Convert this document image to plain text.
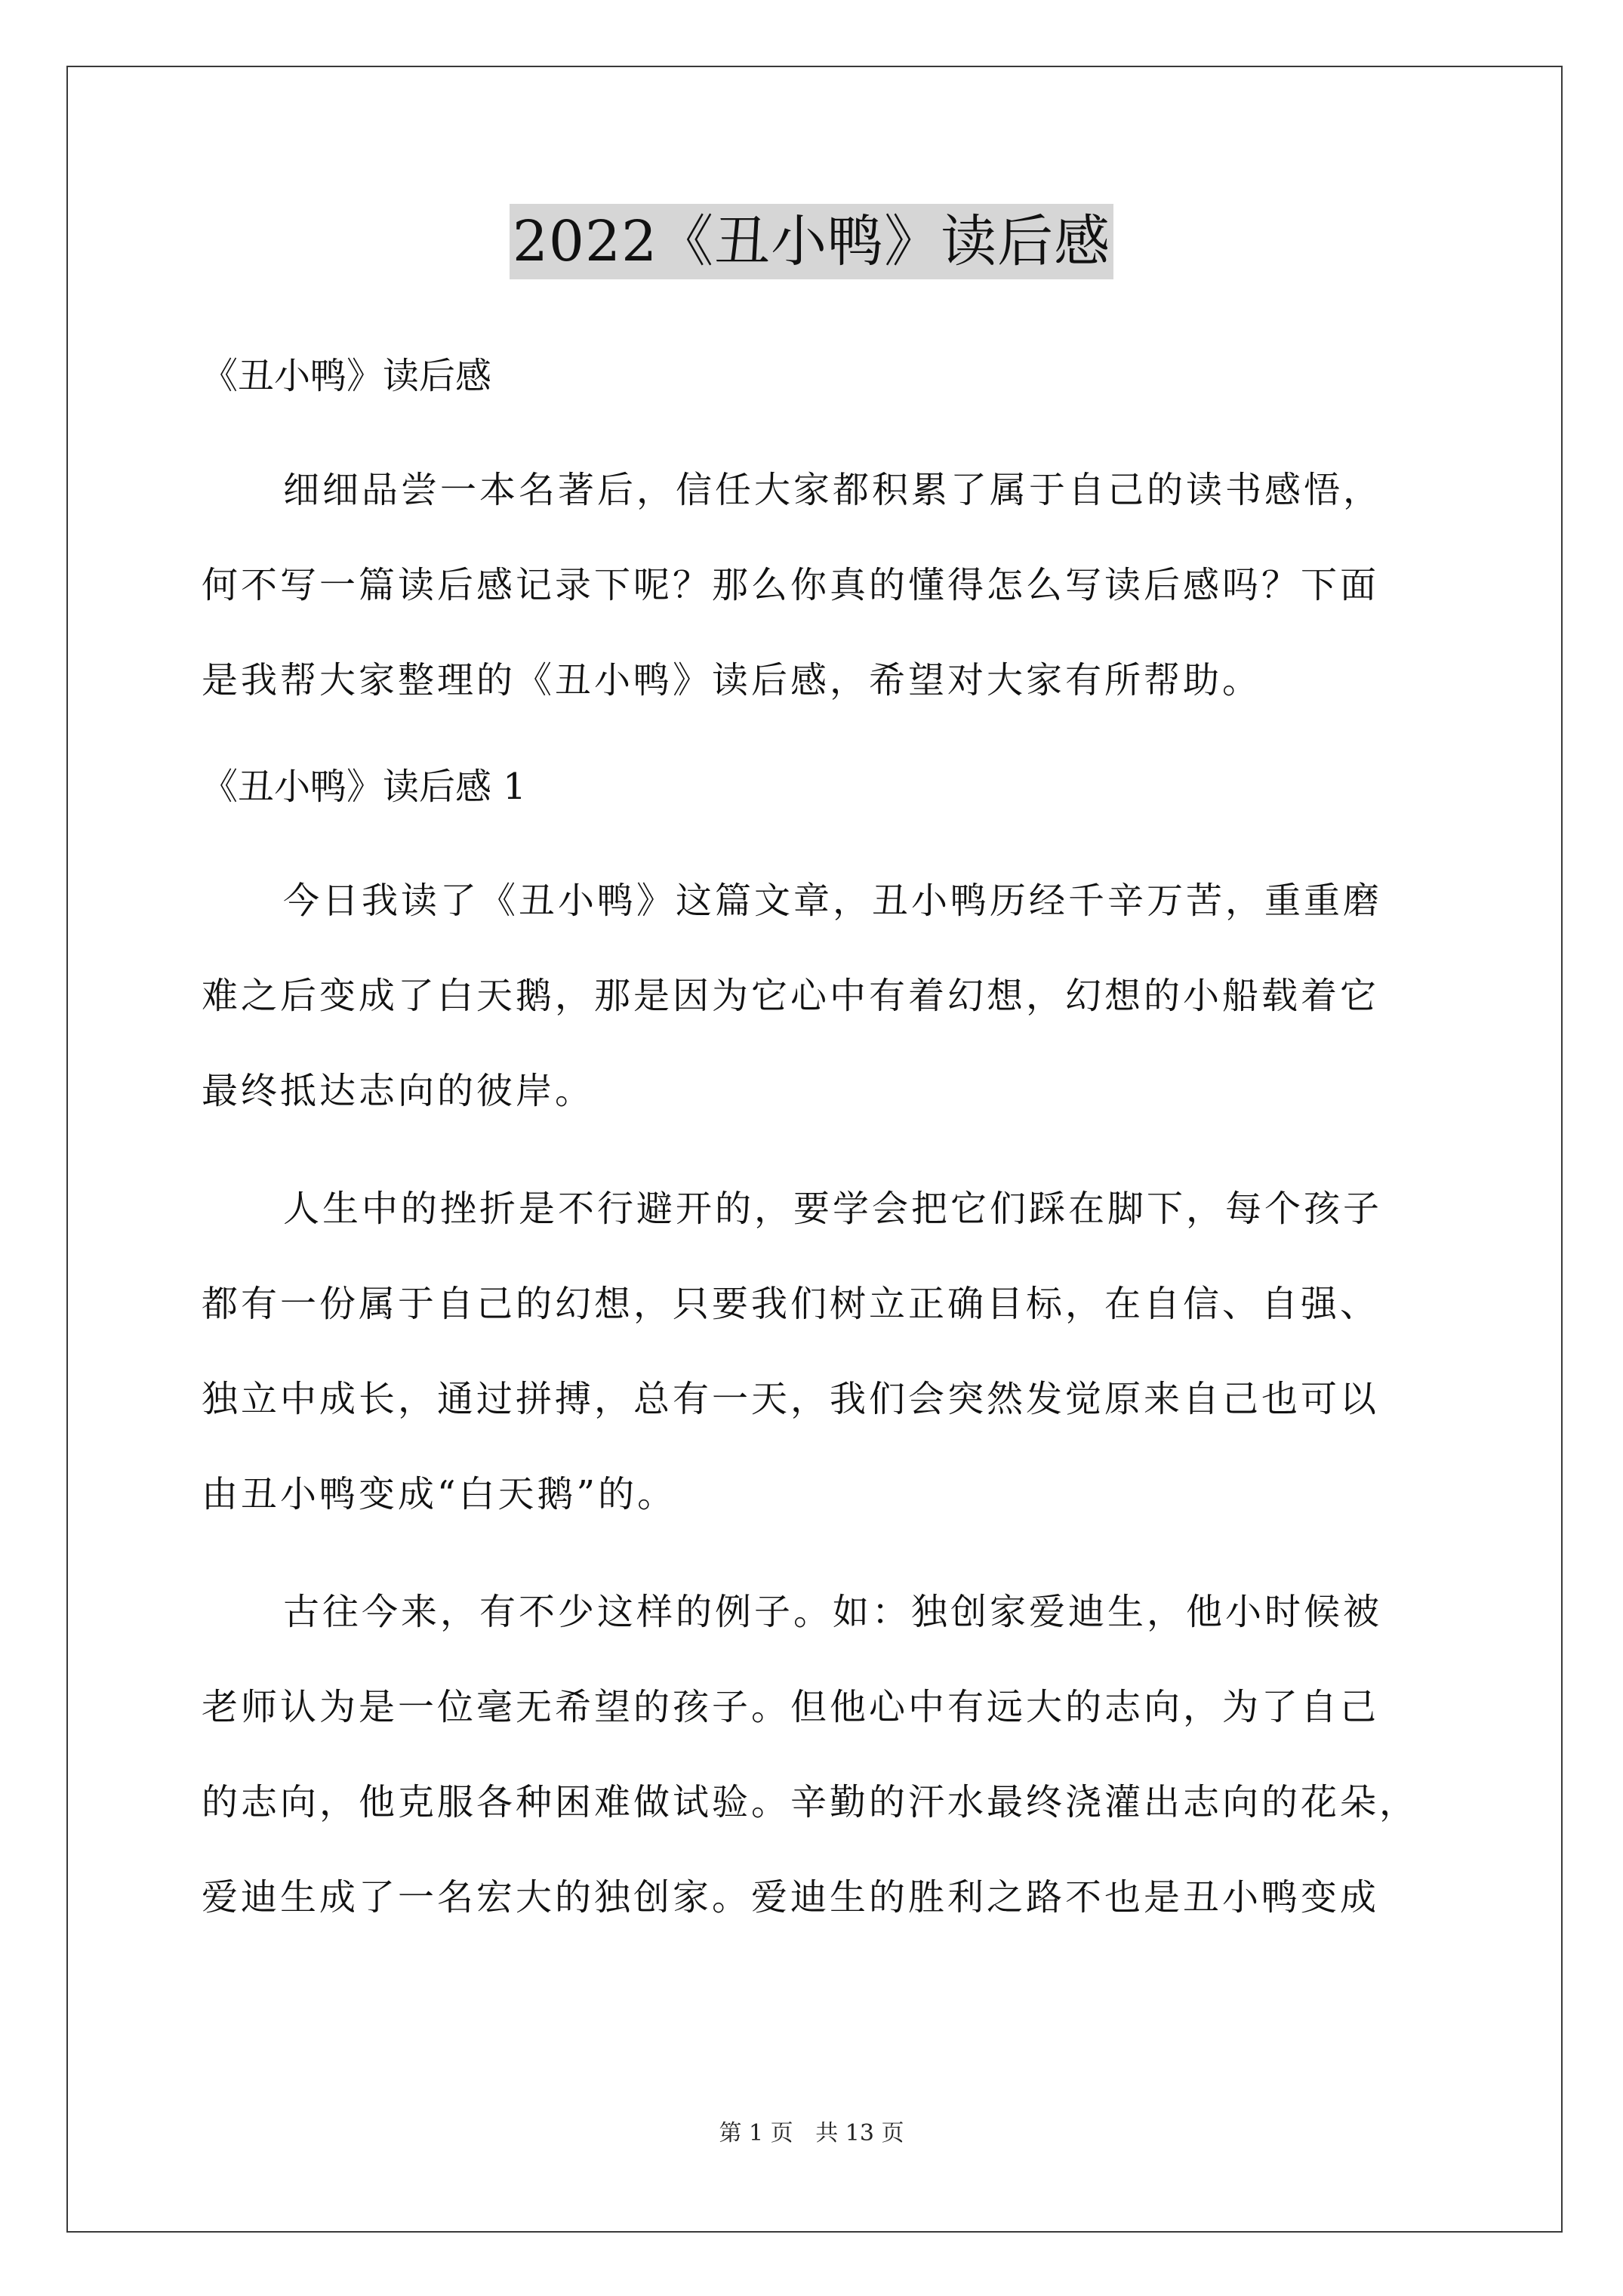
2022《丑小鸭》读后感
《丑小鸭》读后感
细细品尝一本名著后，信任大家都积累了属于自己的读书感悟，
何不写一篇读后感记录下呢？那么你真的懂得怎么写读后感吗？下面
是我帮大家整理的《丑小鸭》读后感，希望对大家有所帮助。
《丑小鸭》读后感 1
今日我读了《丑小鸭》这篇文章，丑小鸭历经千辛万苦，重重磨
难之后变成了白天鹅，那是因为它心中有着幻想，幻想的小船载着它
最终抵达志向的彼岸。
人生中的挫折是不行避开的，要学会把它们踩在脚下，每个孩子
都有一份属于自己的幻想，只要我们树立正确目标，在自信、自强、
独立中成长，通过拼搏，总有一天，我们会突然发觉原来自己也可以
由丑小鸭变成“白天鹅”的。
古往今来，有不少这样的例子。如：独创家爱迪生，他小时候被
老师认为是一位毫无希望的孩子。但他心中有远大的志向，为了自己
的志向，他克服各种困难做试验。辛勤的汗水最终浇灌出志向的花朵，
爱迪生成了一名宏大的独创家。爱迪生的胜利之路不也是丑小鸭变成
第 1 页 共 13 页
